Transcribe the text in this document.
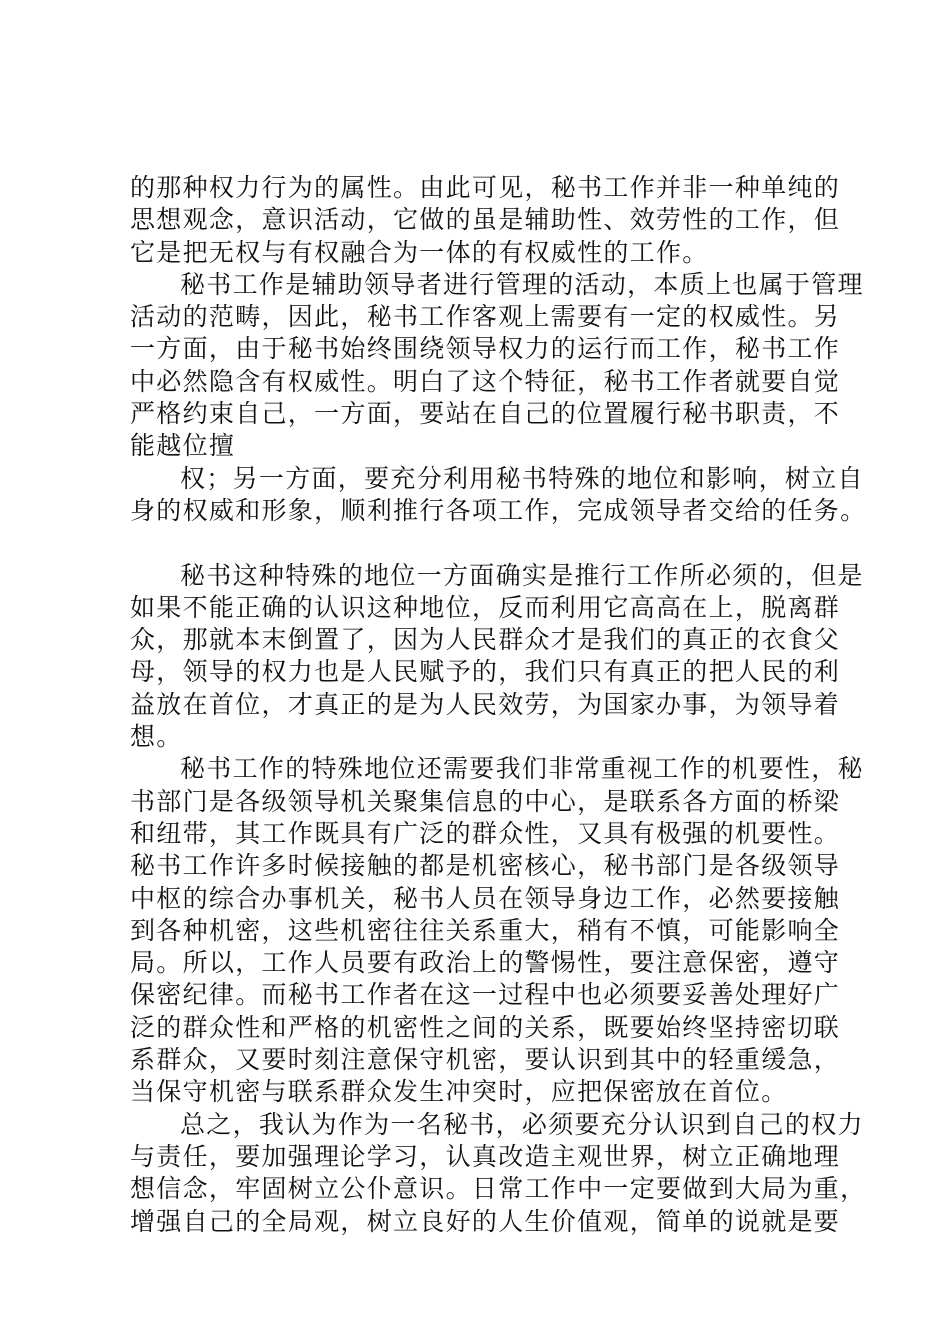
的那种权力行为的属性。由此可见，秘书工作并非一种单纯的
思想观念，意识活动，它做的虽是辅助性、效劳性的工作，但
它是把无权与有权融合为一体的有权威性的工作。
秘书工作是辅助领导者进行管理的活动，本质上也属于管理
活动的范畴，因此，秘书工作客观上需要有一定的权威性。另
一方面，由于秘书始终围绕领导权力的运行而工作，秘书工作
中必然隐含有权威性。明白了这个特征，秘书工作者就要自觉
严格约束自己，一方面，要站在自己的位置履行秘书职责，不
能越位擅
权；另一方面，要充分利用秘书特殊的地位和影响，树立自
身的权威和形象，顺利推行各项工作，完成领导者交给的任务。
秘书这种特殊的地位一方面确实是推行工作所必须的，但是
如果不能正确的认识这种地位，反而利用它高高在上，脱离群
众，那就本末倒置了，因为人民群众才是我们的真正的衣食父
母，领导的权力也是人民赋予的，我们只有真正的把人民的利
益放在首位，才真正的是为人民效劳，为国家办事，为领导着
想。
秘书工作的特殊地位还需要我们非常重视工作的机要性，秘
书部门是各级领导机关聚集信息的中心，是联系各方面的桥梁
和纽带，其工作既具有广泛的群众性，又具有极强的机要性。
秘书工作许多时候接触的都是机密核心，秘书部门是各级领导
中枢的综合办事机关，秘书人员在领导身边工作，必然要接触
到各种机密，这些机密往往关系重大，稍有不慎，可能影响全
局。所以，工作人员要有政治上的警惕性，要注意保密，遵守
保密纪律。而秘书工作者在这一过程中也必须要妥善处理好广
泛的群众性和严格的机密性之间的关系，既要始终坚持密切联
系群众，又要时刻注意保守机密，要认识到其中的轻重缓急，
当保守机密与联系群众发生冲突时，应把保密放在首位。
总之，我认为作为一名秘书，必须要充分认识到自己的权力
与责任，要加强理论学习，认真改造主观世界，树立正确地理
想信念，牢固树立公仆意识。日常工作中一定要做到大局为重，
增强自己的全局观，树立良好的人生价值观，简单的说就是要
